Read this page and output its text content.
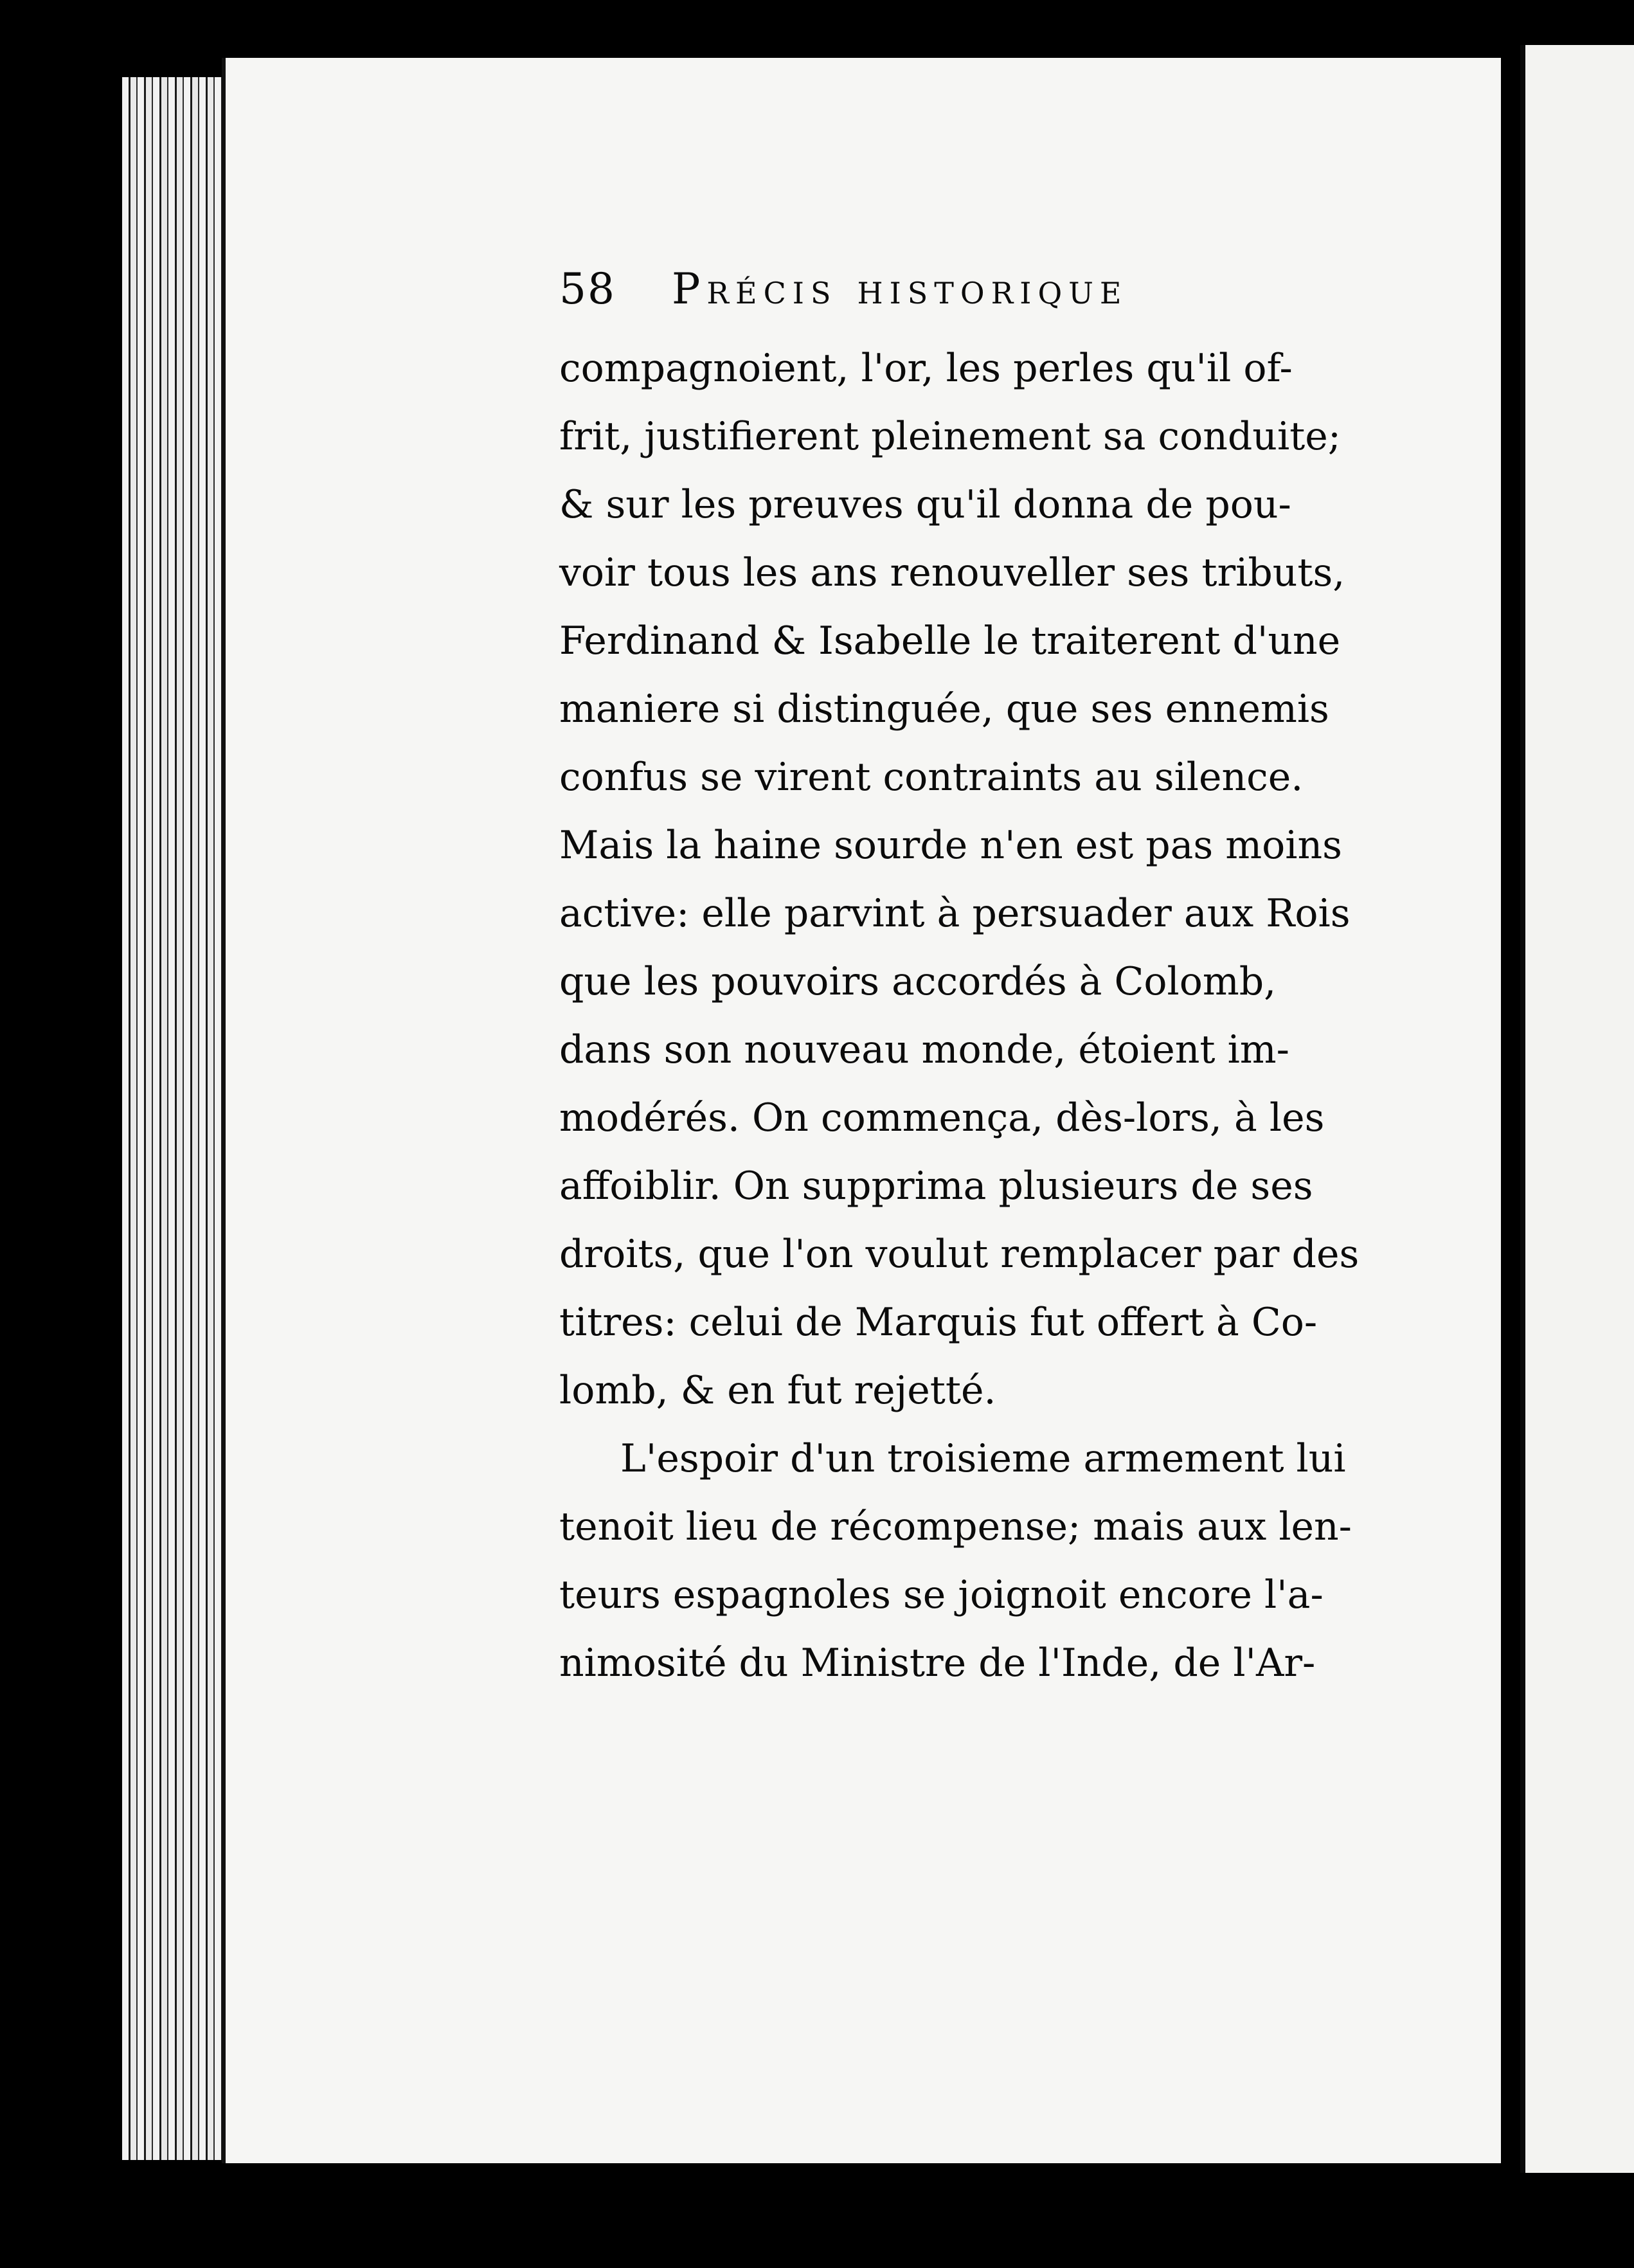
58 Précis historique
compagnoient, l'or, les perles qu'il of-
frit, justifierent pleinement sa conduite;
& sur les preuves qu'il donna de pou-
voir tous les ans renouveller ses tributs,
Ferdinand & Isabelle le traiterent d'une
maniere si distinguée, que ses ennemis
confus se virent contraints au silence.
Mais la haine sourde n'en est pas moins
active: elle parvint à persuader aux Rois
que les pouvoirs accordés à Colomb,
dans son nouveau monde, étoient im-
modérés. On commença, dès-lors, à les
affoiblir. On supprima plusieurs de ses
droits, que l'on voulut remplacer par des
titres: celui de Marquis fut offert à Co-
lomb, & en fut rejetté.
L'espoir d'un troisieme armement lui
tenoit lieu de récompense; mais aux len-
teurs espagnoles se joignoit encore l'a-
nimosité du Ministre de l'Inde, de l'Ar-
